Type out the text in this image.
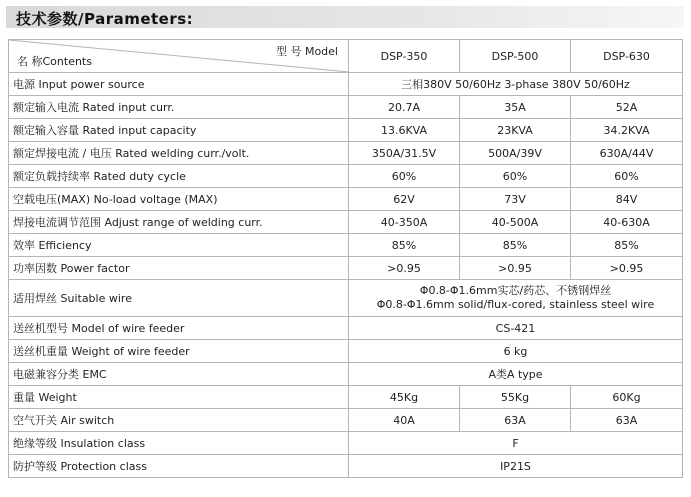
技术参数/Parameters:
型 号 Model
名 称Contents	DSP-350	DSP-500	DSP-630
电源 Input power source	三相380V 50/60Hz 3-phase 380V 50/60Hz		
额定输入电流 Rated input curr.	20.7A	35A	52A
额定输入容量 Rated input capacity	13.6KVA	23KVA	34.2KVA
额定焊接电流 / 电压 Rated welding curr./volt.	350A/31.5V	500A/39V	630A/44V
额定负载持续率 Rated duty cycle	60%	60%	60%
空载电压(MAX) No-load voltage (MAX)	62V	73V	84V
焊接电流调节范围 Adjust range of welding curr.	40-350A	40-500A	40-630A
效率 Efficiency	85%	85%	85%
功率因数 Power factor	>0.95	>0.95	>0.95
适用焊丝 Suitable wire	Φ0.8-Φ1.6mm实芯/药芯、不锈钢焊丝
Φ0.8-Φ1.6mm solid/flux-cored, stainless steel wire		

送丝机型号 Model of wire feeder	CS-421		
送丝机重量 Weight of wire feeder	6 kg		
电磁兼容分类 EMC	A类A type		
重量 Weight	45Kg	55Kg	60Kg
空气开关 Air switch	40A	63A	63A
绝缘等级 Insulation class	F		
防护等级 Protection class	IP21S		
